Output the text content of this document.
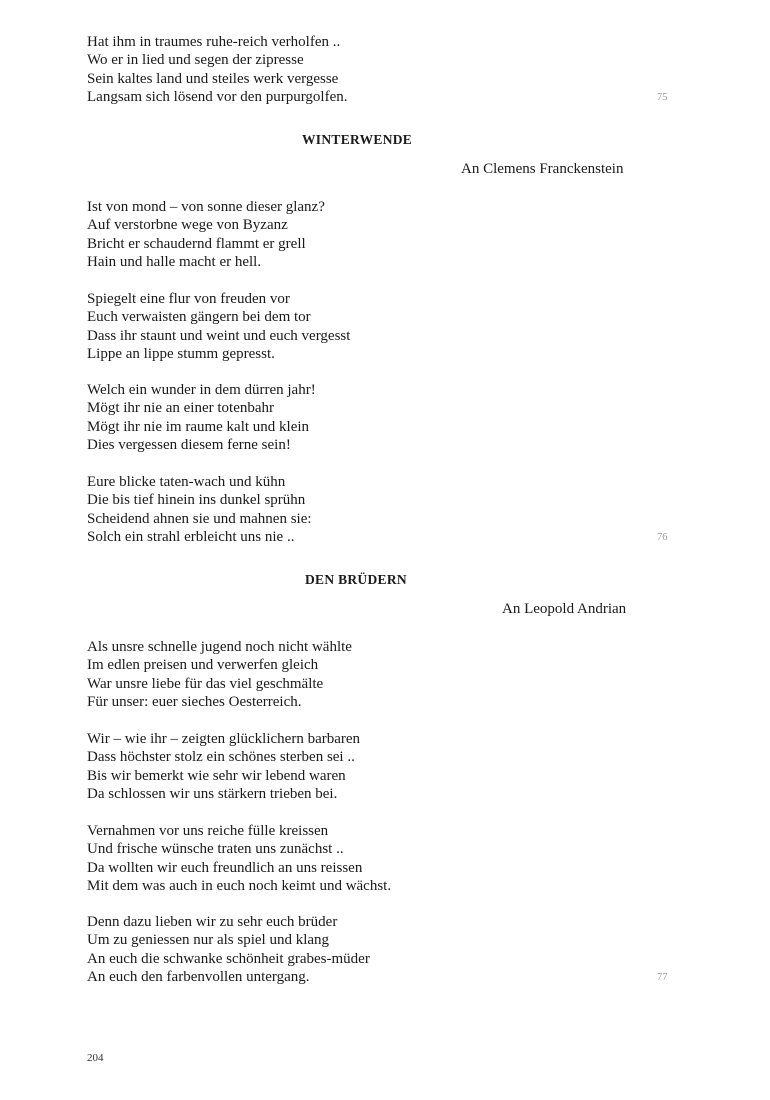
Hat ihm in traumes ruhe-reich verholfen ..
Wo er in lied und segen der zipresse
Sein kaltes land und steiles werk vergesse
Langsam sich lösend vor den purpurgolfen.	75
WINTERWENDE
An Clemens Franckenstein
Ist von mond – von sonne dieser glanz?
Auf verstorbne wege von Byzanz
Bricht er schaudernd flammt er grell
Hain und halle macht er hell.
Spiegelt eine flur von freuden vor
Euch verwaisten gängern bei dem tor
Dass ihr staunt und weint und euch vergesst
Lippe an lippe stumm gepresst.
Welch ein wunder in dem dürren jahr!
Mögt ihr nie an einer totenbahr
Mögt ihr nie im raume kalt und klein
Dies vergessen diesem ferne sein!
Eure blicke taten-wach und kühn
Die bis tief hinein ins dunkel sprühn
Scheidend ahnen sie und mahnen sie:
Solch ein strahl erbleicht uns nie ..	76
DEN BRÜDERN
An Leopold Andrian
Als unsre schnelle jugend noch nicht wählte
Im edlen preisen und verwerfen gleich
War unsre liebe für das viel geschmälte
Für unser: euer sieches Oesterreich.
Wir – wie ihr – zeigten glücklichern barbaren
Dass höchster stolz ein schönes sterben sei ..
Bis wir bemerkt wie sehr wir lebend waren
Da schlossen wir uns stärkern trieben bei.
Vernahmen vor uns reiche fülle kreissen
Und frische wünsche traten uns zunächst ..
Da wollten wir euch freundlich an uns reissen
Mit dem was auch in euch noch keimt und wächst.
Denn dazu lieben wir zu sehr euch brüder
Um zu geniessen nur als spiel und klang
An euch die schwanke schönheit grabes-müder
An euch den farbenvollen untergang.	77
204
